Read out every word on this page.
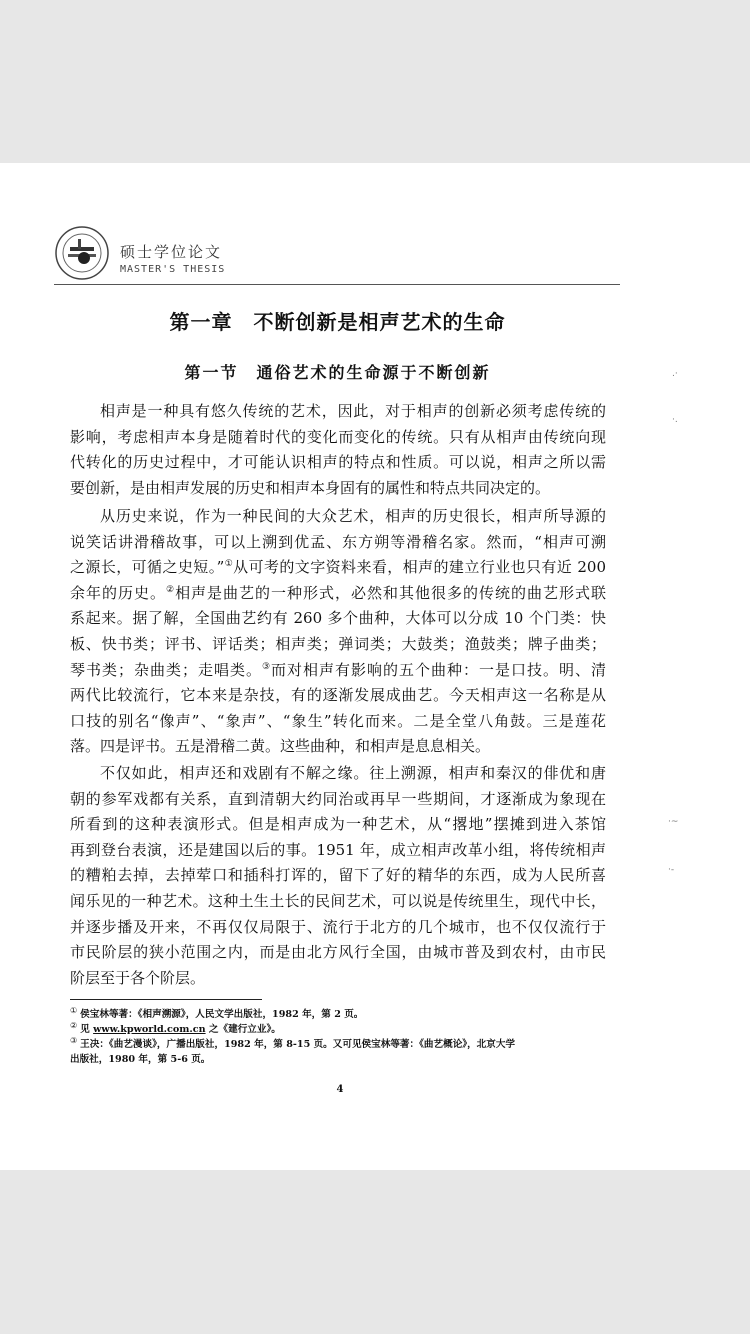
硕士学位论文
MASTER'S THESIS
第一章　不断创新是相声艺术的生命
第一节　通俗艺术的生命源于不断创新
相声是一种具有悠久传统的艺术，因此，对于相声的创新必须考虑传统的
影响，考虑相声本身是随着时代的变化而变化的传统。只有从相声由传统向现
代转化的历史过程中，才可能认识相声的特点和性质。可以说，相声之所以需
要创新，是由相声发展的历史和相声本身固有的属性和特点共同决定的。
从历史来说，作为一种民间的大众艺术，相声的历史很长，相声所导源的
说笑话讲滑稽故事，可以上溯到优孟、东方朔等滑稽名家。然而，“相声可溯
之源长，可循之史短。”①从可考的文字资料来看，相声的建立行业也只有近 200
余年的历史。②相声是曲艺的一种形式，必然和其他很多的传统的曲艺形式联
系起来。据了解，全国曲艺约有 260 多个曲种，大体可以分成 10 个门类：快
板、快书类；评书、评话类；相声类；弹词类；大鼓类；渔鼓类；牌子曲类；
琴书类；杂曲类；走唱类。③而对相声有影响的五个曲种：一是口技。明、清
两代比较流行，它本来是杂技，有的逐渐发展成曲艺。今天相声这一名称是从
口技的别名“像声”、“象声”、“象生”转化而来。二是全堂八角鼓。三是莲花
落。四是评书。五是滑稽二黄。这些曲种，和相声是息息相关。
不仅如此，相声还和戏剧有不解之缘。往上溯源，相声和秦汉的俳优和唐
朝的参军戏都有关系，直到清朝大约同治或再早一些期间，才逐渐成为象现在
所看到的这种表演形式。但是相声成为一种艺术，从“撂地”摆摊到进入茶馆
再到登台表演，还是建国以后的事。1951 年，成立相声改革小组，将传统相声
的糟粕去掉，去掉荤口和插科打诨的，留下了好的精华的东西，成为人民所喜
闻乐见的一种艺术。这种土生土长的民间艺术，可以说是传统里生，现代中长，
并逐步播及开来，不再仅仅局限于、流行于北方的几个城市，也不仅仅流行于
市民阶层的狭小范围之内，而是由北方风行全国，由城市普及到农村，由市民
阶层至于各个阶层。
① 侯宝林等著：《相声溯源》，人民文学出版社，1982 年，第 2 页。
② 见 www.kpworld.com.cn 之《建行立业》。
③ 王决：《曲艺漫谈》，广播出版社，1982 年，第 8-15 页。又可见侯宝林等著：《曲艺概论》，北京大学
出版社，1980 年，第 5-6 页。
4
.·
·.
·~
·-
